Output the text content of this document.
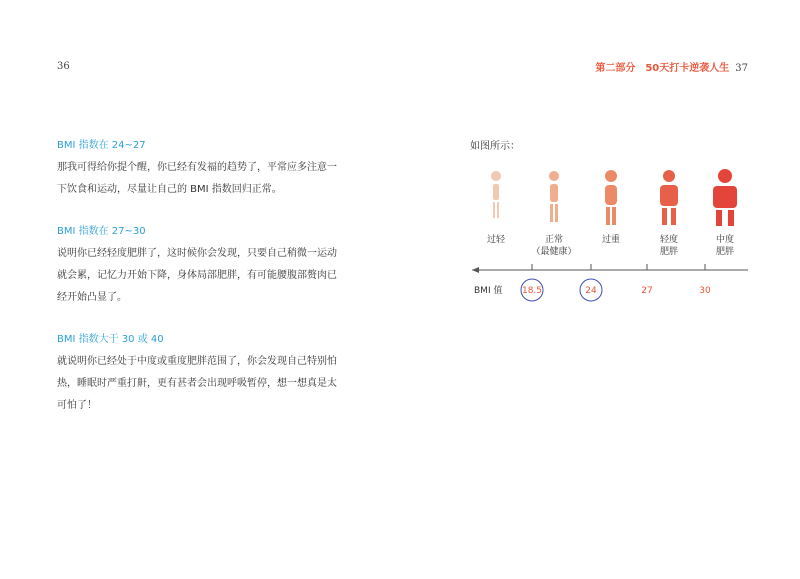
36	第二部分　50天打卡逆袭人生 37
BMI 指数在 24~27

那我可得给你提个醒，你已经有发福的趋势了，平常应多注意一
下饮食和运动，尽量让自己的 BMI 指数回归正常。

BMI 指数在 27~30

说明你已经轻度肥胖了，这时候你会发现，只要自己稍微一运动
就会累，记忆力开始下降，身体局部肥胖，有可能腰腹部赘肉已
经开始凸显了。

BMI 指数大于 30 或 40

就说明你已经处于中度或重度肥胖范围了，你会发现自己特别怕
热，睡眠时严重打鼾，更有甚者会出现呼吸暂停，想一想真是太
可怕了！

如图所示：
过轻	正常
（最健康）
过重	轻度
肥胖
中度
肥胖
BMI 值 18.5	24	27	30
